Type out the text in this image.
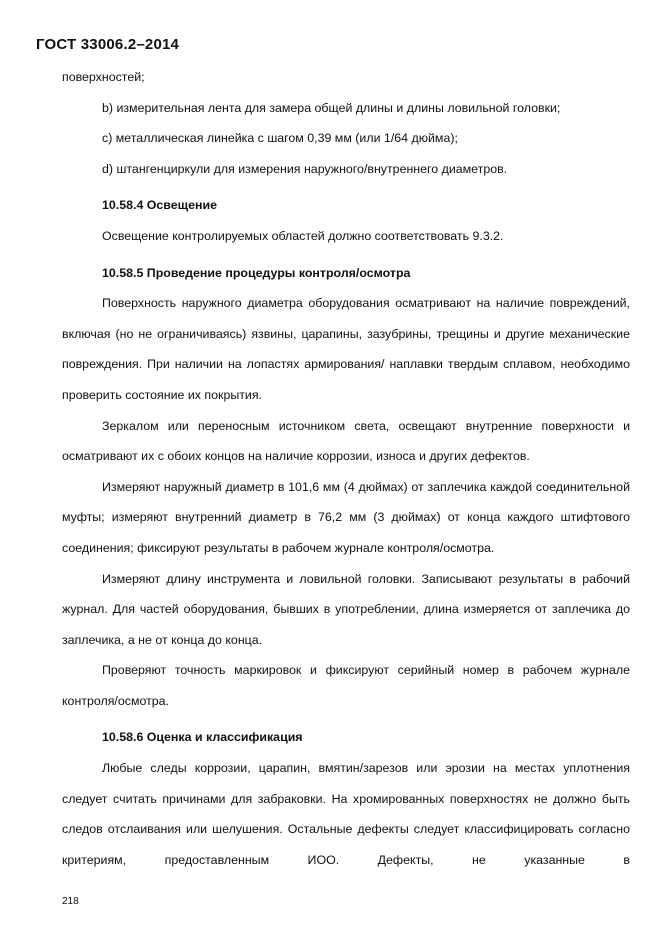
ГОСТ 33006.2–2014

поверхностей;

b) измерительная лента для замера общей длины и длины ловильной головки;

c) металлическая линейка с шагом 0,39 мм (или 1/64 дюйма);

d) штангенциркули для измерения наружного/внутреннего диаметров.

10.58.4 Освещение

Освещение контролируемых областей должно соответствовать 9.3.2.

10.58.5 Проведение процедуры контроля/осмотра

Поверхность наружного диаметра оборудования осматривают на наличие повреждений, включая (но не ограничиваясь) язвины, царапины, зазубрины, трещины и другие механические повреждения. При наличии на лопастях армирования/ наплавки твердым сплавом, необходимо проверить состояние их покрытия.

Зеркалом или переносным источником света, освещают внутренние поверхности и осматривают их с обоих концов на наличие коррозии, износа и других дефектов.

Измеряют наружный диаметр в 101,6 мм (4 дюймах) от заплечика каждой соединительной муфты; измеряют внутренний диаметр в 76,2 мм (3 дюймах) от конца каждого штифтового соединения; фиксируют результаты в рабочем журнале контроля/осмотра.

Измеряют длину инструмента и ловильной головки. Записывают результаты в рабочий журнал. Для частей оборудования, бывших в употреблении, длина измеряется от заплечика до заплечика, а не от конца до конца.

Проверяют точность маркировок и фиксируют серийный номер в рабочем журнале контроля/осмотра.

10.58.6 Оценка и классификация

Любые следы коррозии, царапин, вмятин/зарезов или эрозии на местах уплотнения следует считать причинами для забраковки. На хромированных поверхностях не должно быть следов отслаивания или шелушения. Остальные дефекты следует классифицировать согласно критериям, предоставленным ИОО. Дефекты, не указанные в

218
